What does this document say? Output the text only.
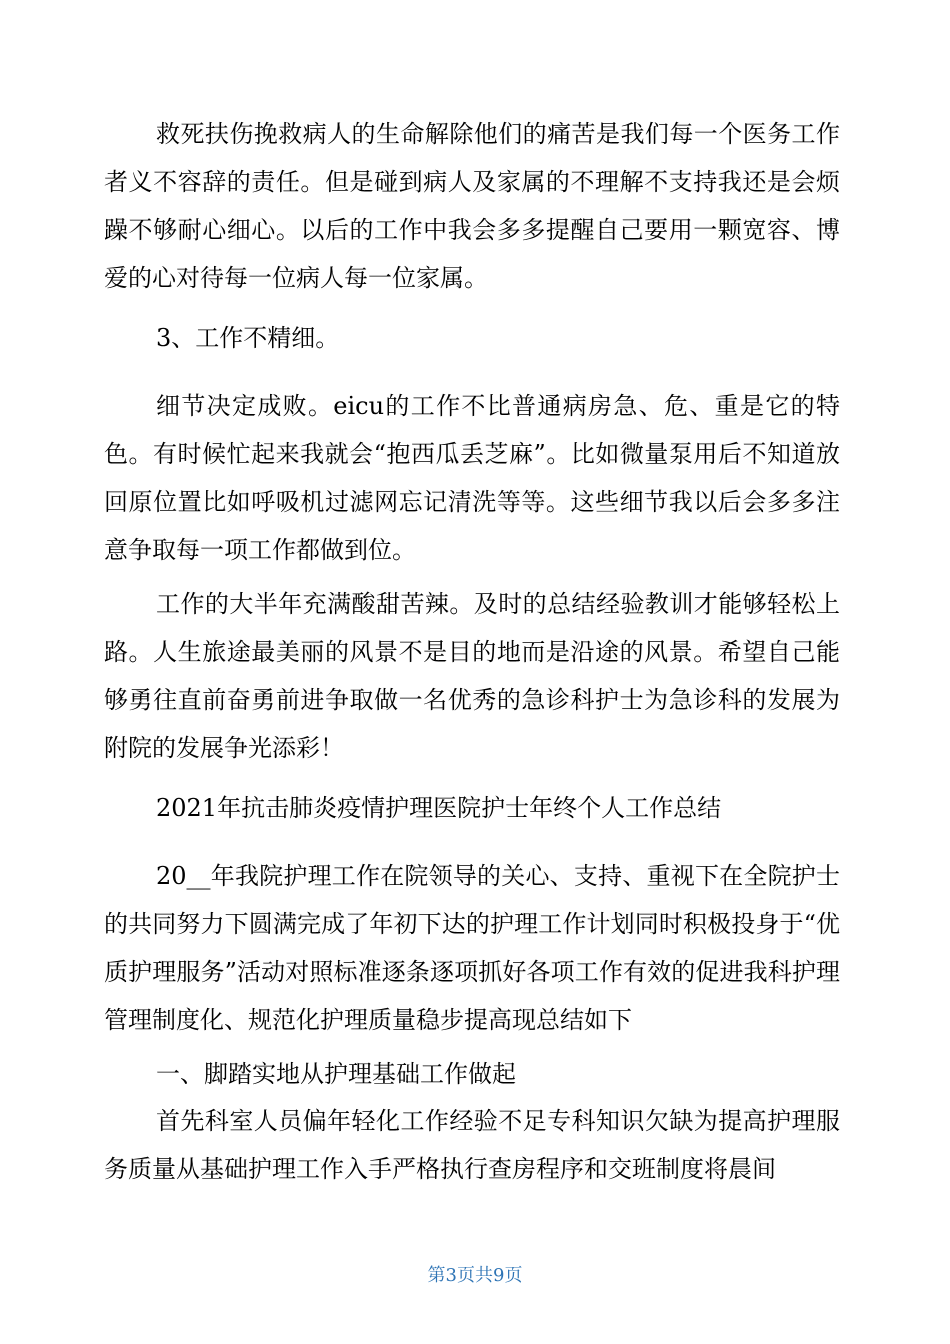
救死扶伤挽救病人的生命解除他们的痛苦是我们每一个医务工作者义不容辞的责任。但是碰到病人及家属的不理解不支持我还是会烦躁不够耐心细心。以后的工作中我会多多提醒自己要用一颗宽容、博爱的心对待每一位病人每一位家属。

3、工作不精细。

细节决定成败。eicu的工作不比普通病房急、危、重是它的特色。有时候忙起来我就会“抱西瓜丢芝麻”。比如微量泵用后不知道放回原位置比如呼吸机过滤网忘记清洗等等。这些细节我以后会多多注意争取每一项工作都做到位。

工作的大半年充满酸甜苦辣。及时的总结经验教训才能够轻松上路。人生旅途最美丽的风景不是目的地而是沿途的风景。希望自己能够勇往直前奋勇前进争取做一名优秀的急诊科护士为急诊科的发展为附院的发展争光添彩！

2021年抗击肺炎疫情护理医院护士年终个人工作总结

20__年我院护理工作在院领导的关心、支持、重视下在全院护士的共同努力下圆满完成了年初下达的护理工作计划同时积极投身于“优质护理服务”活动对照标准逐条逐项抓好各项工作有效的促进我科护理管理制度化、规范化护理质量稳步提高现总结如下

一、脚踏实地从护理基础工作做起

首先科室人员偏年轻化工作经验不足专科知识欠缺为提高护理服务质量从基础护理工作入手严格执行查房程序和交班制度将晨间

第3页共9页
